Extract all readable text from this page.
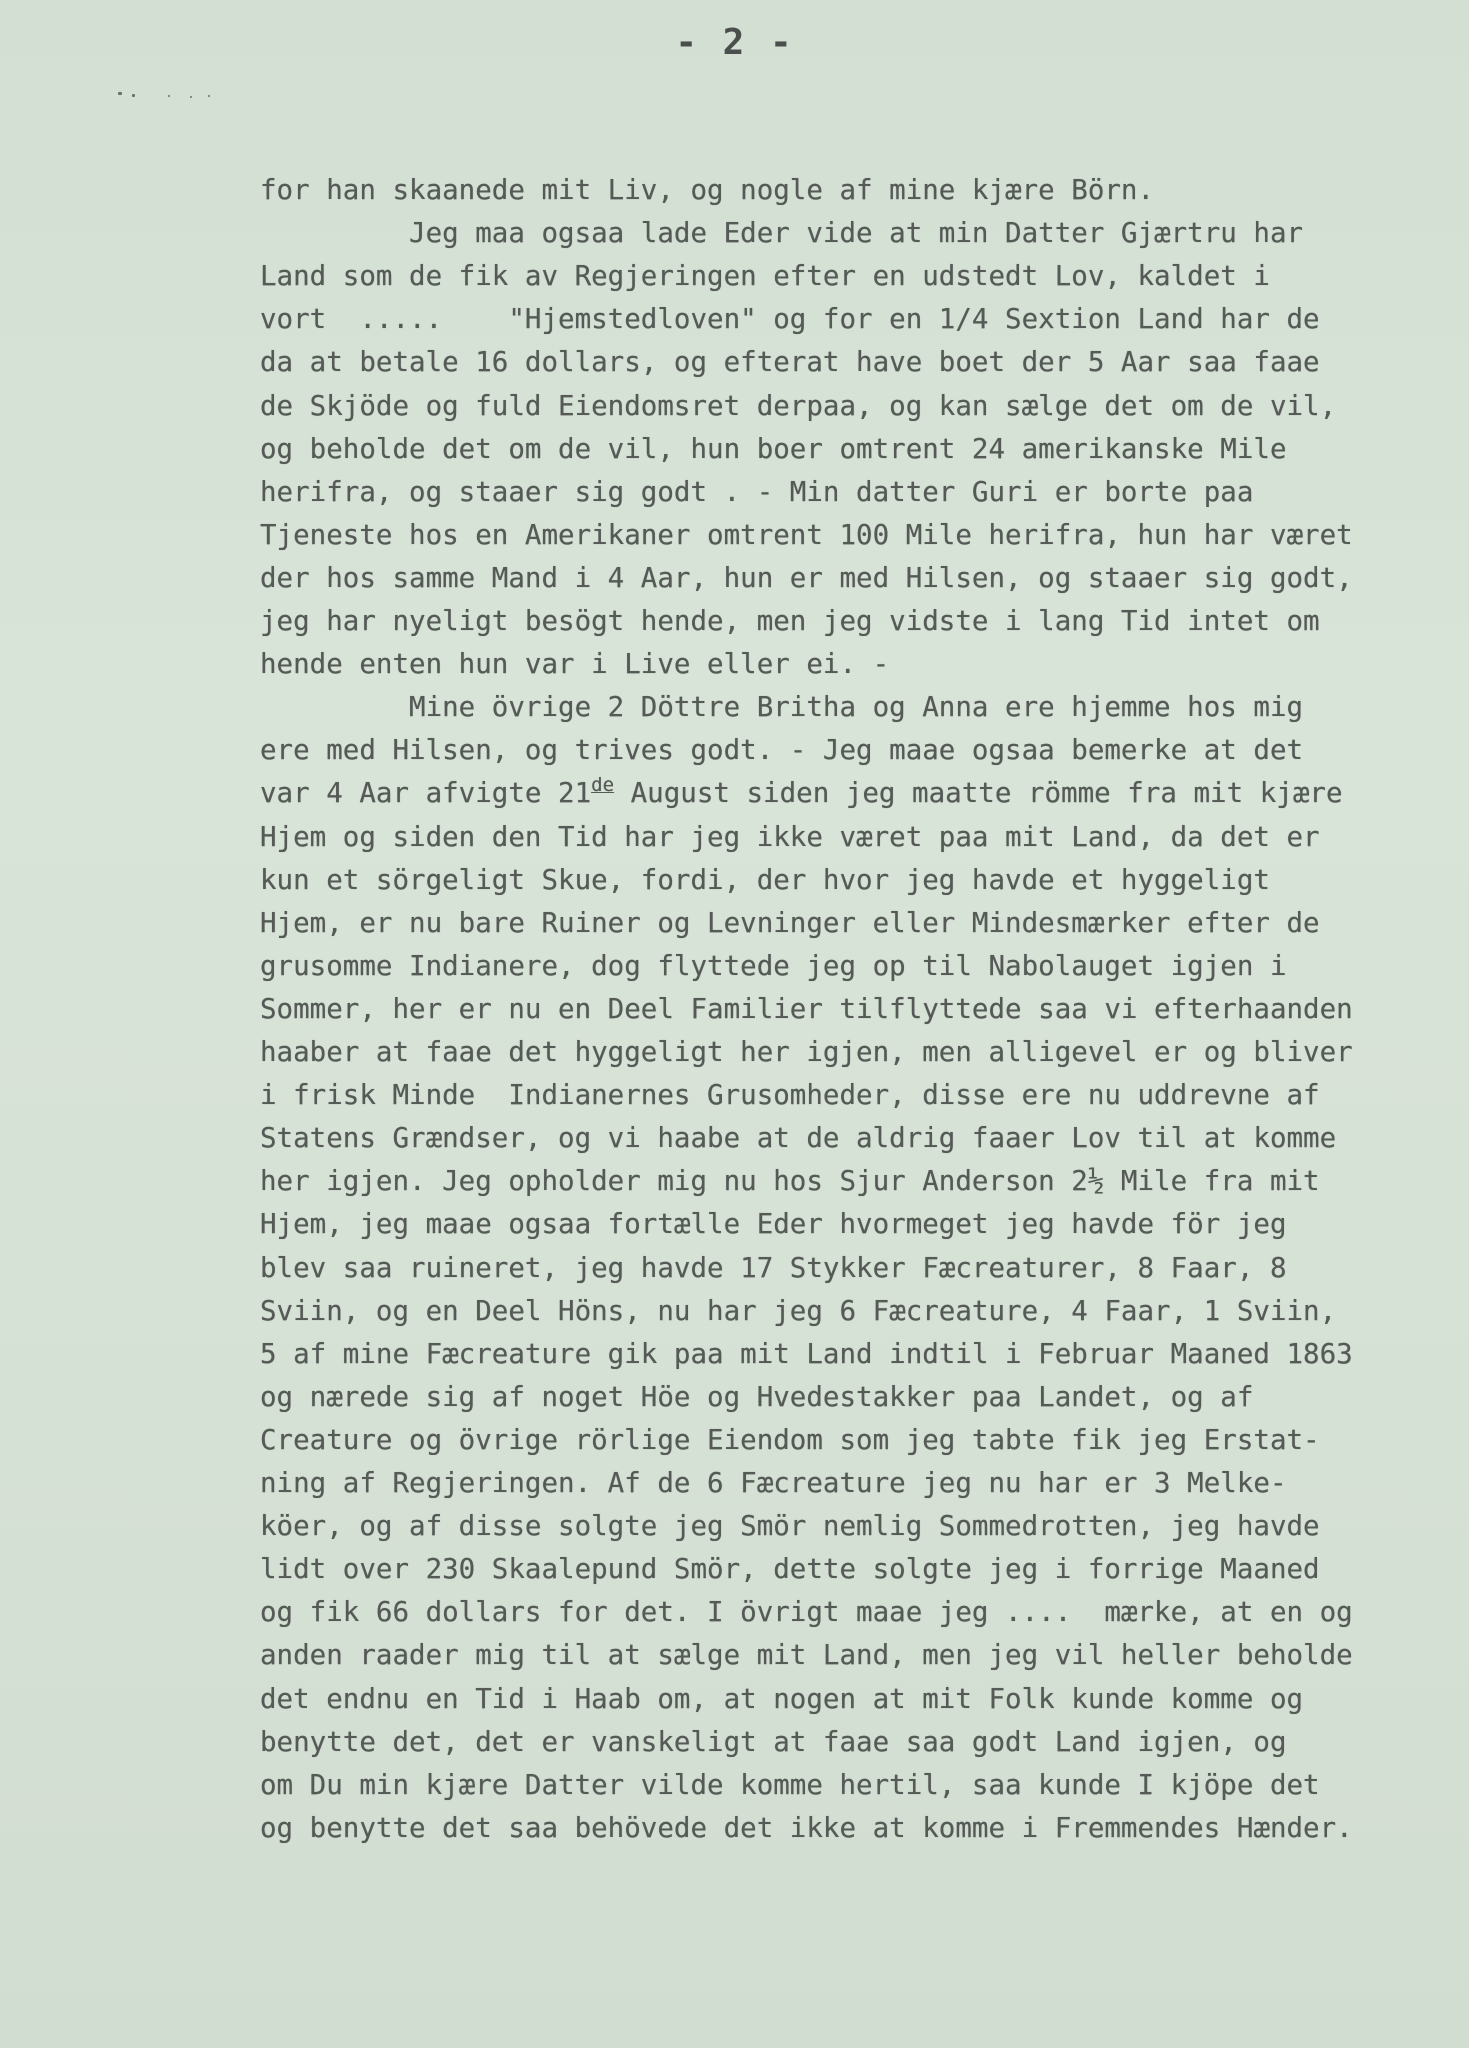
- 2 -

for han skaanede mit Liv, og nogle af mine kjære Börn.

Jeg maa ogsaa lade Eder vide at min Datter Gjærtru har

Land som de fik av Regjeringen efter en udstedt Lov, kaldet i

vort  .....    "Hjemstedloven" og for en 1/4 Sextion Land har de

da at betale 16 dollars, og efterat have boet der 5 Aar saa faae

de Skjöde og fuld Eiendomsret derpaa, og kan sælge det om de vil,

og beholde det om de vil, hun boer omtrent 24 amerikanske Mile

herifra, og staaer sig godt . - Min datter Guri er borte paa

Tjeneste hos en Amerikaner omtrent 100 Mile herifra, hun har været

der hos samme Mand i 4 Aar, hun er med Hilsen, og staaer sig godt,

jeg har nyeligt besögt hende, men jeg vidste i lang Tid intet om

hende enten hun var i Live eller ei. -

Mine övrige 2 Döttre Britha og Anna ere hjemme hos mig

ere med Hilsen, og trives godt. - Jeg maae ogsaa bemerke at det

var 4 Aar afvigte 21de August siden jeg maatte römme fra mit kjære

Hjem og siden den Tid har jeg ikke været paa mit Land, da det er

kun et sörgeligt Skue, fordi, der hvor jeg havde et hyggeligt

Hjem, er nu bare Ruiner og Levninger eller Mindesmærker efter de

grusomme Indianere, dog flyttede jeg op til Nabolauget igjen i

Sommer, her er nu en Deel Familier tilflyttede saa vi efterhaanden

haaber at faae det hyggeligt her igjen, men alligevel er og bliver

i frisk Minde  Indianernes Grusomheder, disse ere nu uddrevne af

Statens Grændser, og vi haabe at de aldrig faaer Lov til at komme

her igjen. Jeg opholder mig nu hos Sjur Anderson 2½ Mile fra mit

Hjem, jeg maae ogsaa fortælle Eder hvormeget jeg havde för jeg

blev saa ruineret, jeg havde 17 Stykker Fæcreaturer, 8 Faar, 8

Sviin, og en Deel Höns, nu har jeg 6 Fæcreature, 4 Faar, 1 Sviin,

5 af mine Fæcreature gik paa mit Land indtil i Februar Maaned 1863

og nærede sig af noget Höe og Hvedestakker paa Landet, og af

Creature og övrige rörlige Eiendom som jeg tabte fik jeg Erstat-

ning af Regjeringen. Af de 6 Fæcreature jeg nu har er 3 Melke-

köer, og af disse solgte jeg Smör nemlig Sommedrotten, jeg havde

lidt over 230 Skaalepund Smör, dette solgte jeg i forrige Maaned

og fik 66 dollars for det. I övrigt maae jeg ....  mærke, at en og

anden raader mig til at sælge mit Land, men jeg vil heller beholde

det endnu en Tid i Haab om, at nogen at mit Folk kunde komme og

benytte det, det er vanskeligt at faae saa godt Land igjen, og

om Du min kjære Datter vilde komme hertil, saa kunde I kjöpe det

og benytte det saa behövede det ikke at komme i Fremmendes Hænder.
